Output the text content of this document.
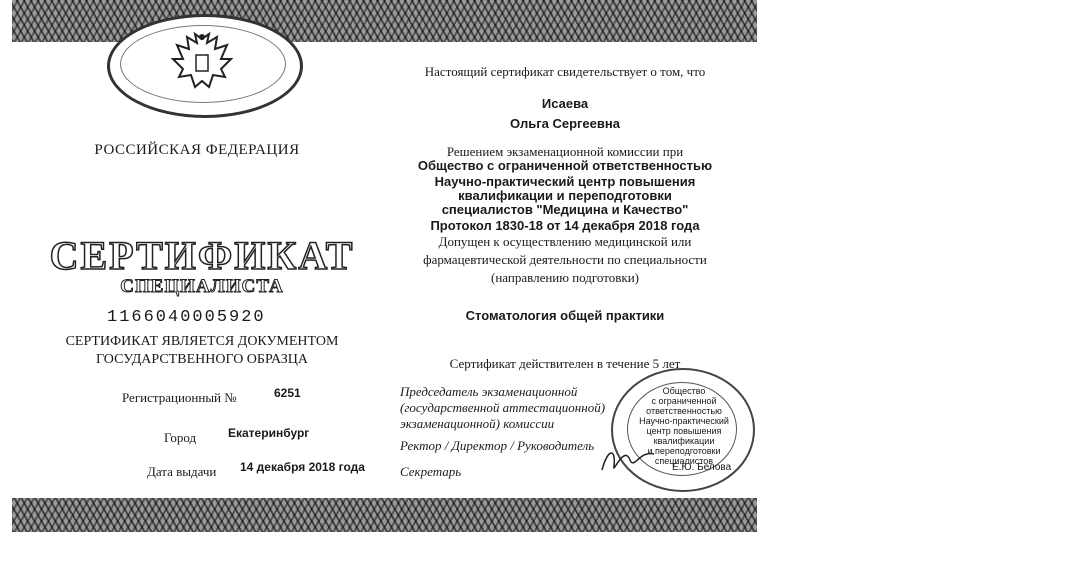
РОССИЙСКАЯ ФЕДЕРАЦИЯ
СЕРТИФИКАТ
СПЕЦИАЛИСТА
1166040005920
СЕРТИФИКАТ ЯВЛЯЕТСЯ ДОКУМЕНТОМ
ГОСУДАРСТВЕННОГО ОБРАЗЦА
Регистрационный №	6251
Город	Екатеринбург
Дата выдачи 14 декабря 2018 года
Настоящий сертификат свидетельствует о том, что
Исаева
Ольга Сергеевна
Решением экзаменационной комиссии при
Общество с ограниченной ответственностью
Научно-практический центр повышения
квалификации и переподготовки
специалистов "Медицина и Качество"
Протокол 1830-18 от 14 декабря 2018 года
Допущен к осуществлению медицинской или
фармацевтической деятельности по специальности
(направлению подготовки)
Стоматология общей практики
Сертификат действителен в течение 5 лет
Председатель экзаменационной
(государственной аттестационной)
экзаменационной) комиссии
Ректор / Директор / Руководитель
Секретарь
Общество
с ограниченной
ответственностью
Научно-практический
центр повышения
квалификации
и переподготовки
специалистов
Е.Ю. Белова
